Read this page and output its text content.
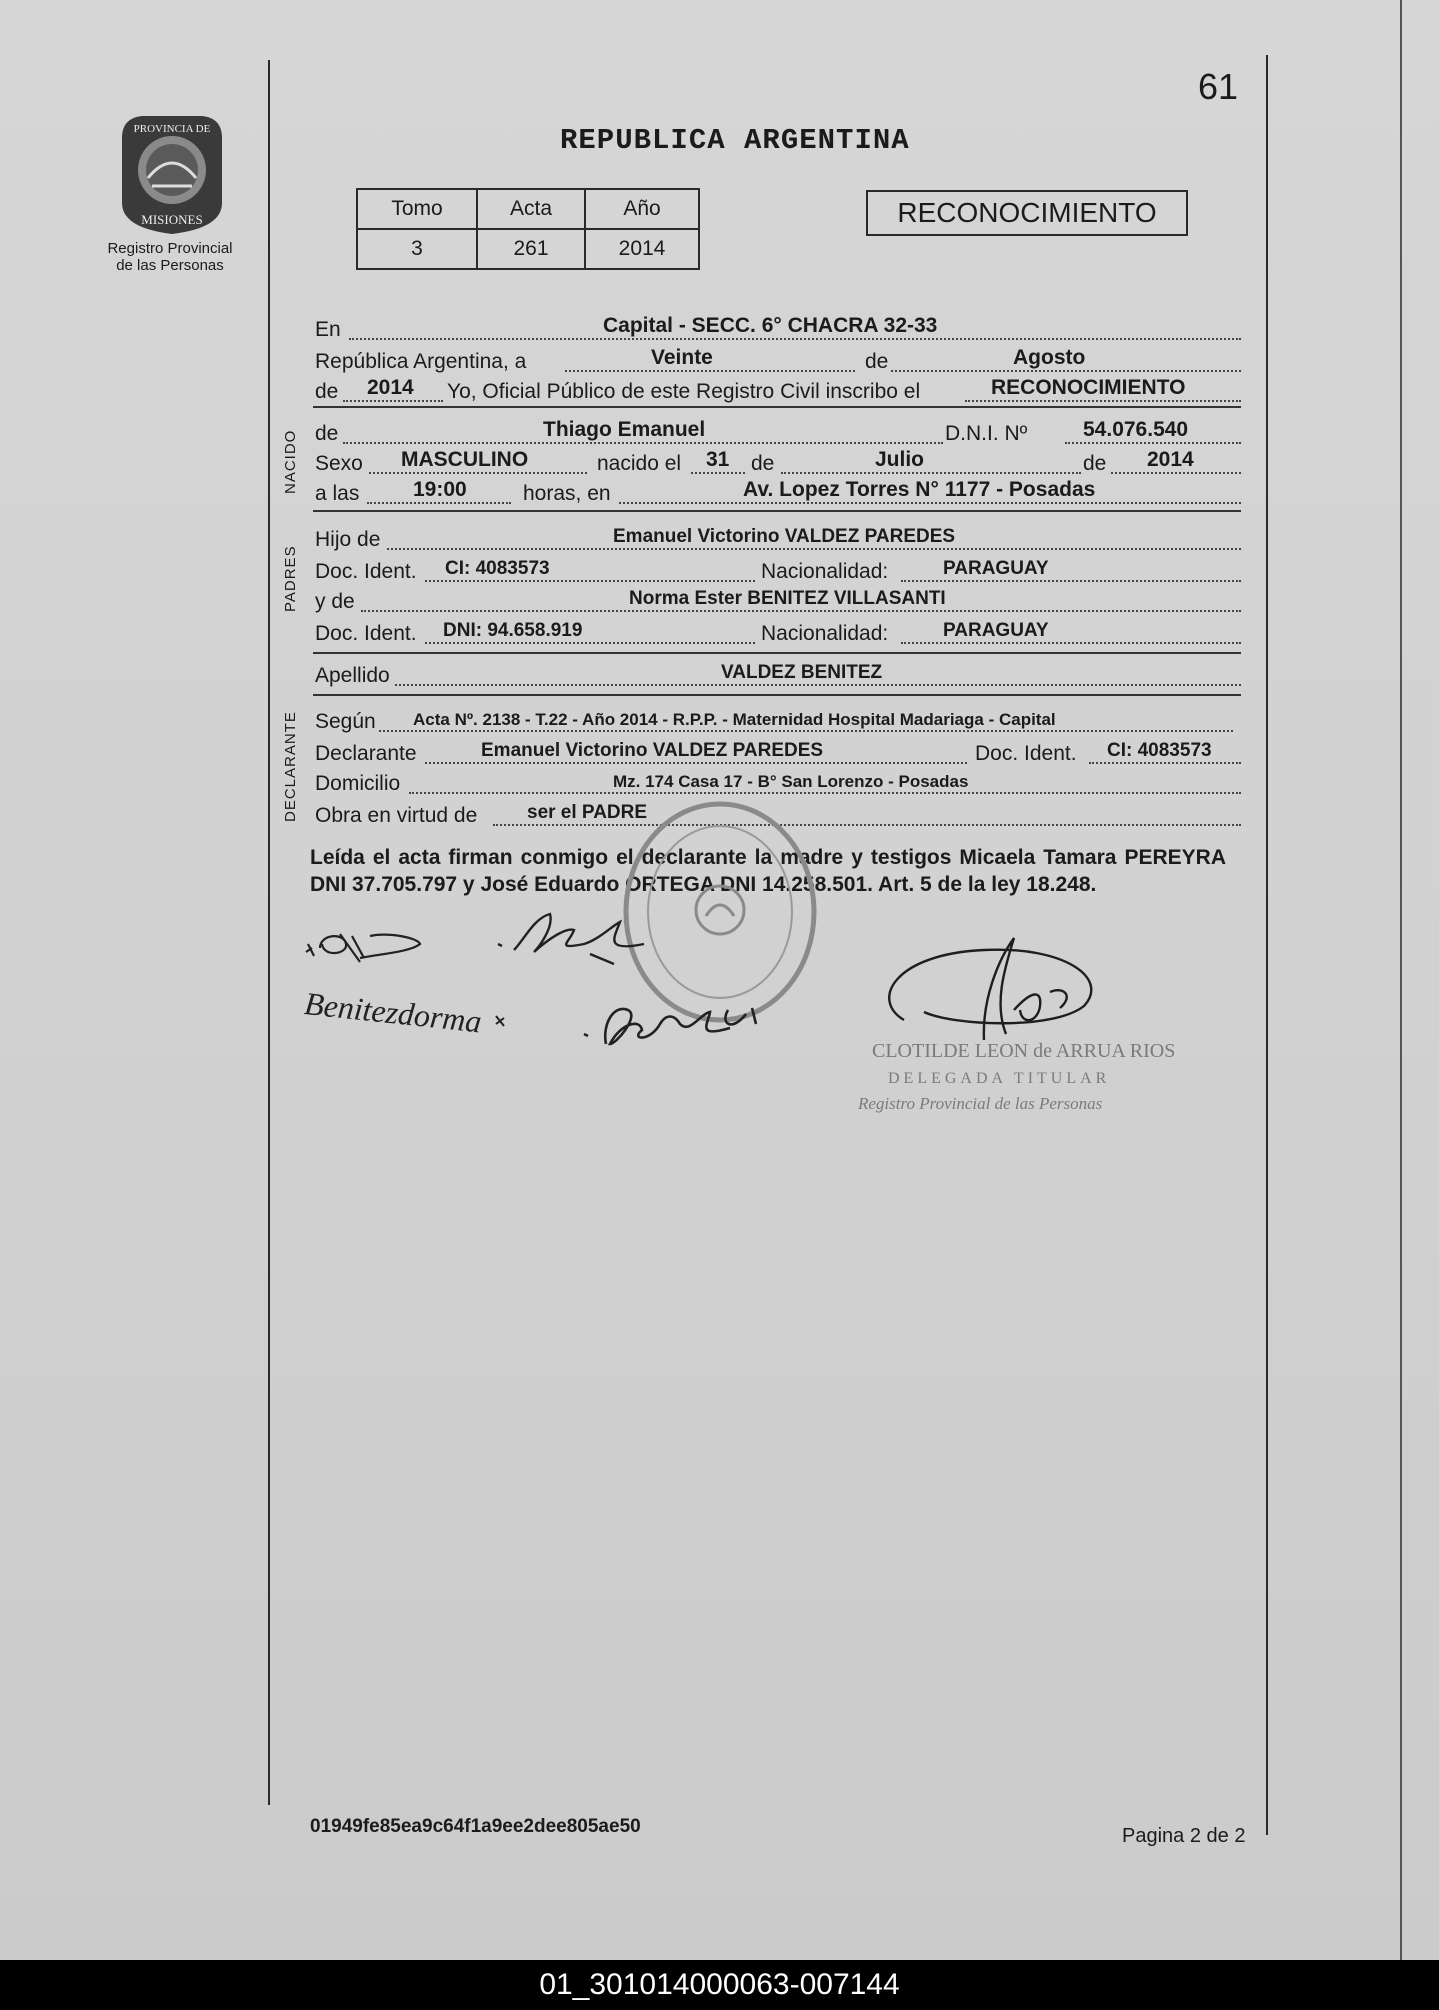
61
PROVINCIA DE
MISIONES
Registro Provincial
de las Personas
REPUBLICA ARGENTINA
Tomo	Acta	Año
3	261	2014
RECONOCIMIENTO
En	Capital - SECC. 6° CHACRA 32-33
República Argentina, a	Veinte	de	Agosto
de 2014 Yo, Oficial Público de este Registro Civil inscribo el	RECONOCIMIENTO
NACIDO de	Thiago Emanuel	D.N.I. Nº	54.076.540
Sexo MASCULINO	nacido el 31 de	Julio	de 2014
a las	19:00	horas, en	Av. Lopez Torres N° 1177 - Posadas
PADRES
Hijo de	Emanuel Victorino VALDEZ PAREDES
Doc. Ident. CI: 4083573	Nacionalidad:	PARAGUAY
y de	Norma Ester BENITEZ VILLASANTI
Doc. Ident. DNI: 94.658.919	Nacionalidad:	PARAGUAY
Apellido	VALDEZ BENITEZ
DECLARANTE Según Acta Nº. 2138 - T.22 - Año 2014 - R.P.P. - Maternidad Hospital Madariaga - Capital
Declarante	Emanuel Victorino VALDEZ PAREDES	Doc. Ident. CI: 4083573
Domicilio	Mz. 174 Casa 17 - B° San Lorenzo - Posadas
Obra en virtud de	ser el PADRE
Leída el acta firman conmigo el declarante la madre y testigos Micaela Tamara PEREYRA DNI 37.705.797 y José Eduardo ORTEGA DNI 14.258.501. Art. 5 de la ley 18.248.
Benitezdorma
CLOTILDE LEON de ARRUA RIOS
DELEGADA TITULAR
Registro Provincial de las Personas
01949fe85ea9c64f1a9ee2dee805ae50	Pagina 2 de 2
01_301014000063-007144
